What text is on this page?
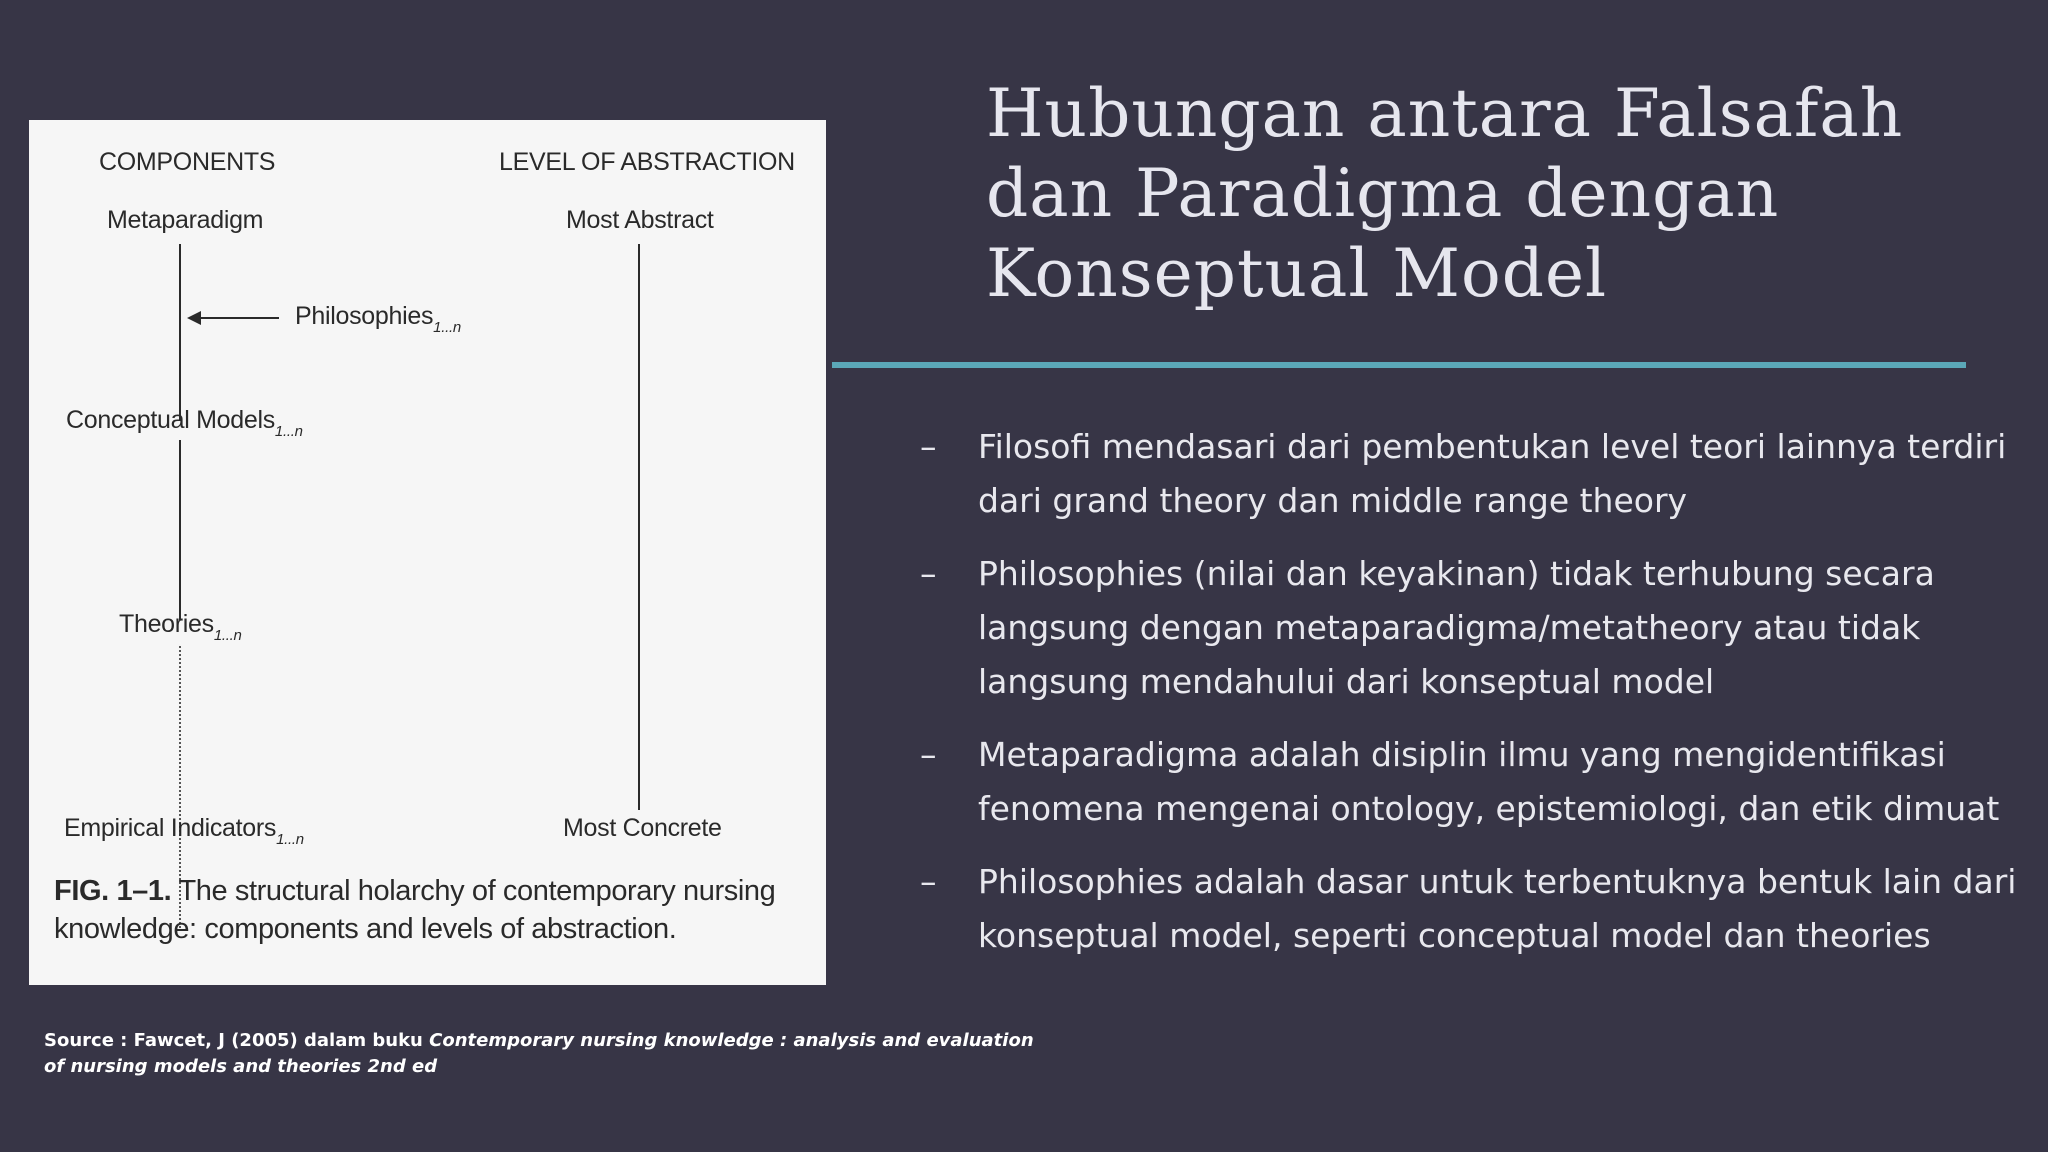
COMPONENTS	LEVEL OF ABSTRACTION
Metaparadigm	Most Abstract
Philosophies$_{1...n}$
Conceptual Models$_{1...n}$
Theories$_{1...n}$
Empirical Indicators$_{1...n}$	Most Concrete
FIG. 1–1. The structural holarchy of contemporary nursing knowledge: components and levels of abstraction.
Hubungan antara Falsafah dan Paradigma dengan Konseptual Model
– Filosofi mendasari dari pembentukan level teori lainnya terdiri dari grand theory dan middle range theory
– Philosophies (nilai dan keyakinan) tidak terhubung secara langsung dengan metaparadigma/metatheory atau tidak langsung mendahului dari konseptual model
– Metaparadigma adalah disiplin ilmu yang mengidentifikasi fenomena mengenai ontology, epistemiologi, dan etik dimuat
– Philosophies adalah dasar untuk terbentuknya bentuk lain dari konseptual model, seperti conceptual model dan theories
Source : Fawcet, J (2005) dalam buku Contemporary nursing knowledge : analysis and evaluation of nursing models and theories 2nd ed
